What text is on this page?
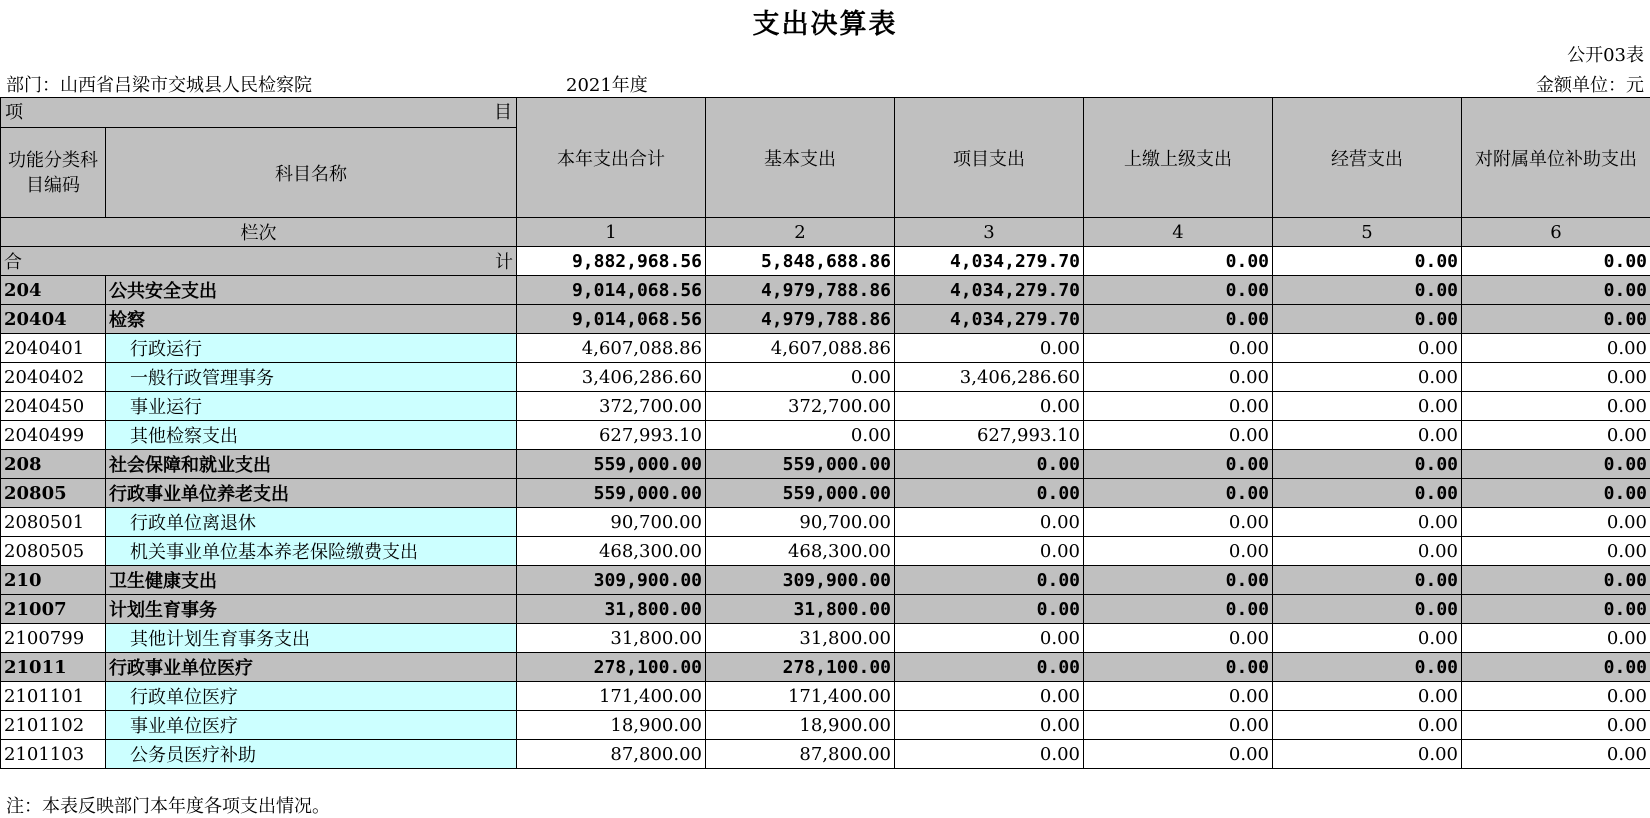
支出决算表
公开03表
部门：山西省吕梁市交城县人民检察院	2021年度	金额单位：元
项 目		本年支出合计	基本支出	项目支出	上缴上级支出	经营支出	对附属单位补助支出
功能分类科目编码	科目名称						
栏次		1	2	3	4	5	6

合 计		9,882,968.56	5,848,688.86	4,034,279.70	0.00	0.00	0.00
204	公共安全支出	9,014,068.56	4,979,788.86	4,034,279.70	0.00	0.00	0.00
20404	检察	9,014,068.56	4,979,788.86	4,034,279.70	0.00	0.00	0.00
2040401	行政运行	4,607,088.86	4,607,088.86	0.00	0.00	0.00	0.00
2040402	一般行政管理事务	3,406,286.60	0.00	3,406,286.60	0.00	0.00	0.00
2040450	事业运行	372,700.00	372,700.00	0.00	0.00	0.00	0.00
2040499	其他检察支出	627,993.10	0.00	627,993.10	0.00	0.00	0.00
208	社会保障和就业支出	559,000.00	559,000.00	0.00	0.00	0.00	0.00
20805	行政事业单位养老支出	559,000.00	559,000.00	0.00	0.00	0.00	0.00
2080501	行政单位离退休	90,700.00	90,700.00	0.00	0.00	0.00	0.00
2080505	机关事业单位基本养老保险缴费支出	468,300.00	468,300.00	0.00	0.00	0.00	0.00
210	卫生健康支出	309,900.00	309,900.00	0.00	0.00	0.00	0.00
21007	计划生育事务	31,800.00	31,800.00	0.00	0.00	0.00	0.00
2100799	其他计划生育事务支出	31,800.00	31,800.00	0.00	0.00	0.00	0.00
21011	行政事业单位医疗	278,100.00	278,100.00	0.00	0.00	0.00	0.00
2101101	行政单位医疗	171,400.00	171,400.00	0.00	0.00	0.00	0.00
2101102	事业单位医疗	18,900.00	18,900.00	0.00	0.00	0.00	0.00
2101103	公务员医疗补助	87,800.00	87,800.00	0.00	0.00	0.00	0.00
注：本表反映部门本年度各项支出情况。
